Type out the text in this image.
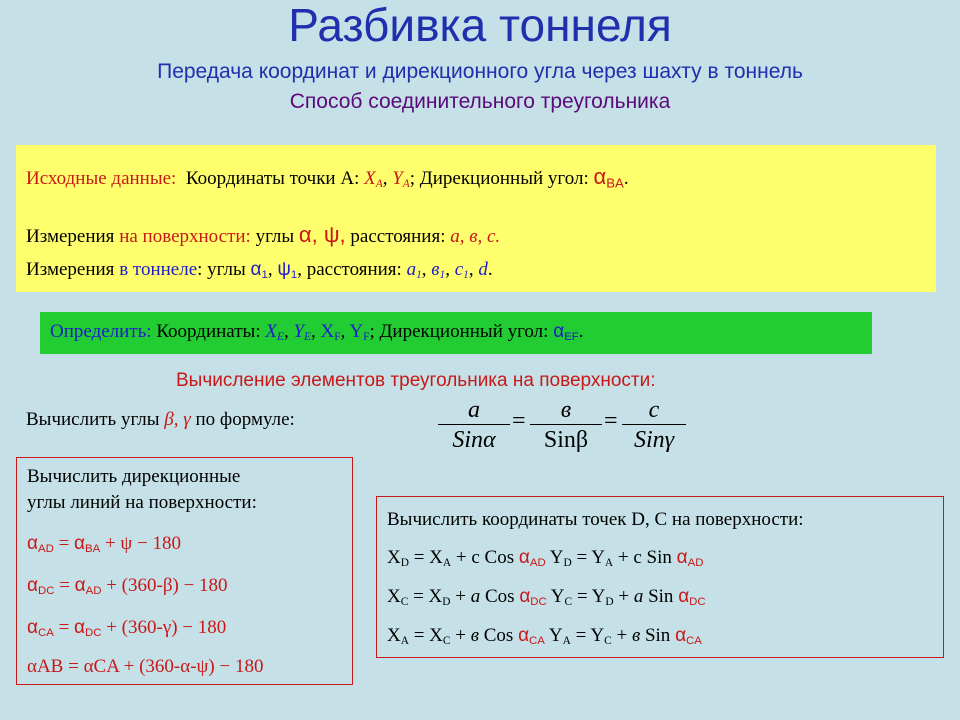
Разбивка тоннеля
Передача координат и дирекционного угла через шахту в тоннель
Способ соединительного треугольника
Исходные данные: Координаты точки А: $X_A$, $Y_A$; Дирекционный угол: $\alpha_{BA}$.
Измерения на поверхности: углы α, ψ, расстояния: а, в, с.
Измерения в тоннеле: углы $\alpha_1$, $\psi_1$, расстояния: $а_1$, $в_1$, $с_1$, d.
Определить: Координаты: $X_E$, $Y_E$, $X_F$, $Y_F$; Дирекционный угол: $\alpha_{EF}$.
Вычисление элементов треугольника на поверхности:
Вычислить углы β, γ по формуле:	a
Sinα
=	в
Sinβ
=	c
Sinγ
Вычислить дирекционные
углы линий на поверхности:
$\alpha_{AD} = \alpha_{BA} + \psi - 180$
$\alpha_{DC} = \alpha_{AD} + (360-\beta) - 180$
$\alpha_{CA} = \alpha_{DC} + (360-\gamma) - 180$
αAB = αCA + (360-α-ψ) − 180
Вычислить координаты точек D, C на поверхности:
$X_D = X_A + c$ Cos $\alpha_{AD}$ $Y_D = Y_A + c$ Sin $\alpha_{AD}$
$X_C = X_D + a$ Cos $\alpha_{DC}$ $Y_C = Y_D + a$ Sin $\alpha_{DC}$
$X_A = X_C + в$ Cos $\alpha_{CA}$ $Y_A = Y_C + в$ Sin $\alpha_{CA}$
